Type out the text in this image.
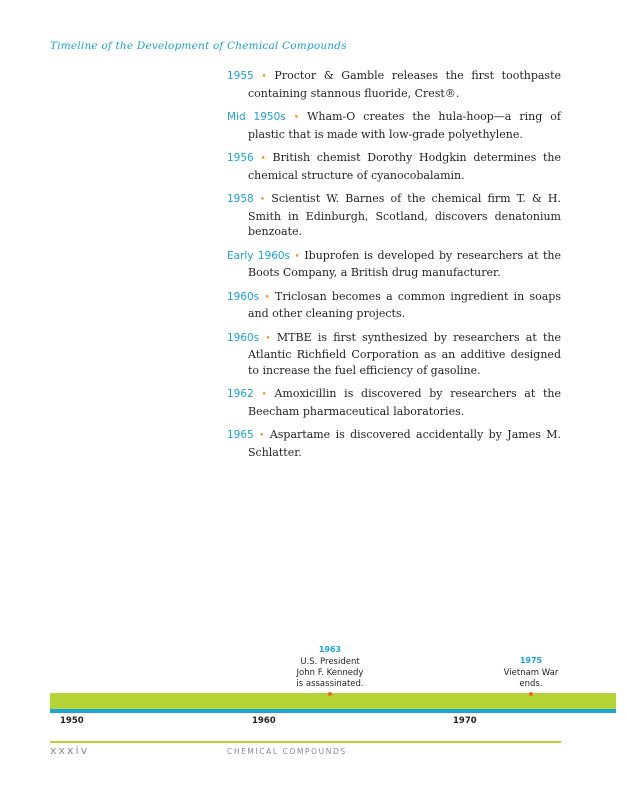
Timeline of the Development of Chemical Compounds

1955 • Proctor & Gamble releases the first toothpaste containing stannous fluoride, Crest®.

Mid 1950s • Wham-O creates the hula-hoop—a ring of plastic that is made with low-grade polyethylene.

1956 • British chemist Dorothy Hodgkin determines the chemical structure of cyanocobalamin.

1958 • Scientist W. Barnes of the chemical firm T. & H. Smith in Edinburgh, Scotland, discovers denatonium benzoate.

Early 1960s • Ibuprofen is developed by researchers at the Boots Company, a British drug manufacturer.

1960s • Triclosan becomes a common ingredient in soaps and other cleaning projects.

1960s • MTBE is first synthesized by researchers at the Atlantic Richfield Corporation as an additive designed to increase the fuel efficiency of gasoline.

1962 • Amoxicillin is discovered by researchers at the Beecham pharmaceutical laboratories.

1965 • Aspartame is discovered accidentally by James M. Schlatter.

1963
U.S. President
John F. Kennedy
is assassinated.
1975
Vietnam War
ends.
1950	1960	1970
xxxiv	CHEMICAL COMPOUNDS
